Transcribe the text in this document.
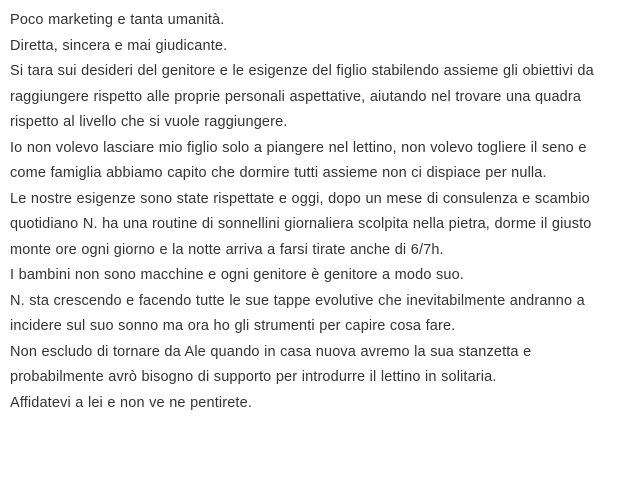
Poco marketing e tanta umanità.

Diretta, sincera e mai giudicante.

Si tara sui desideri del genitore e le esigenze del figlio stabilendo assieme gli obiettivi da raggiungere rispetto alle proprie personali aspettative, aiutando nel trovare una quadra rispetto al livello che si vuole raggiungere.

Io non volevo lasciare mio figlio solo a piangere nel lettino, non volevo togliere il seno e come famiglia abbiamo capito che dormire tutti assieme non ci dispiace per nulla.

Le nostre esigenze sono state rispettate e oggi, dopo un mese di consulenza e scambio quotidiano N. ha una routine di sonnellini giornaliera scolpita nella pietra, dorme il giusto monte ore ogni giorno e la notte arriva a farsi tirate anche di 6/7h.

I bambini non sono macchine e ogni genitore è genitore a modo suo.

N. sta crescendo e facendo tutte le sue tappe evolutive che inevitabilmente andranno a incidere sul suo sonno ma ora ho gli strumenti per capire cosa fare.

Non escludo di tornare da Ale quando in casa nuova avremo la sua stanzetta e probabilmente avrò bisogno di supporto per introdurre il lettino in solitaria.

Affidatevi a lei e non ve ne pentirete.
